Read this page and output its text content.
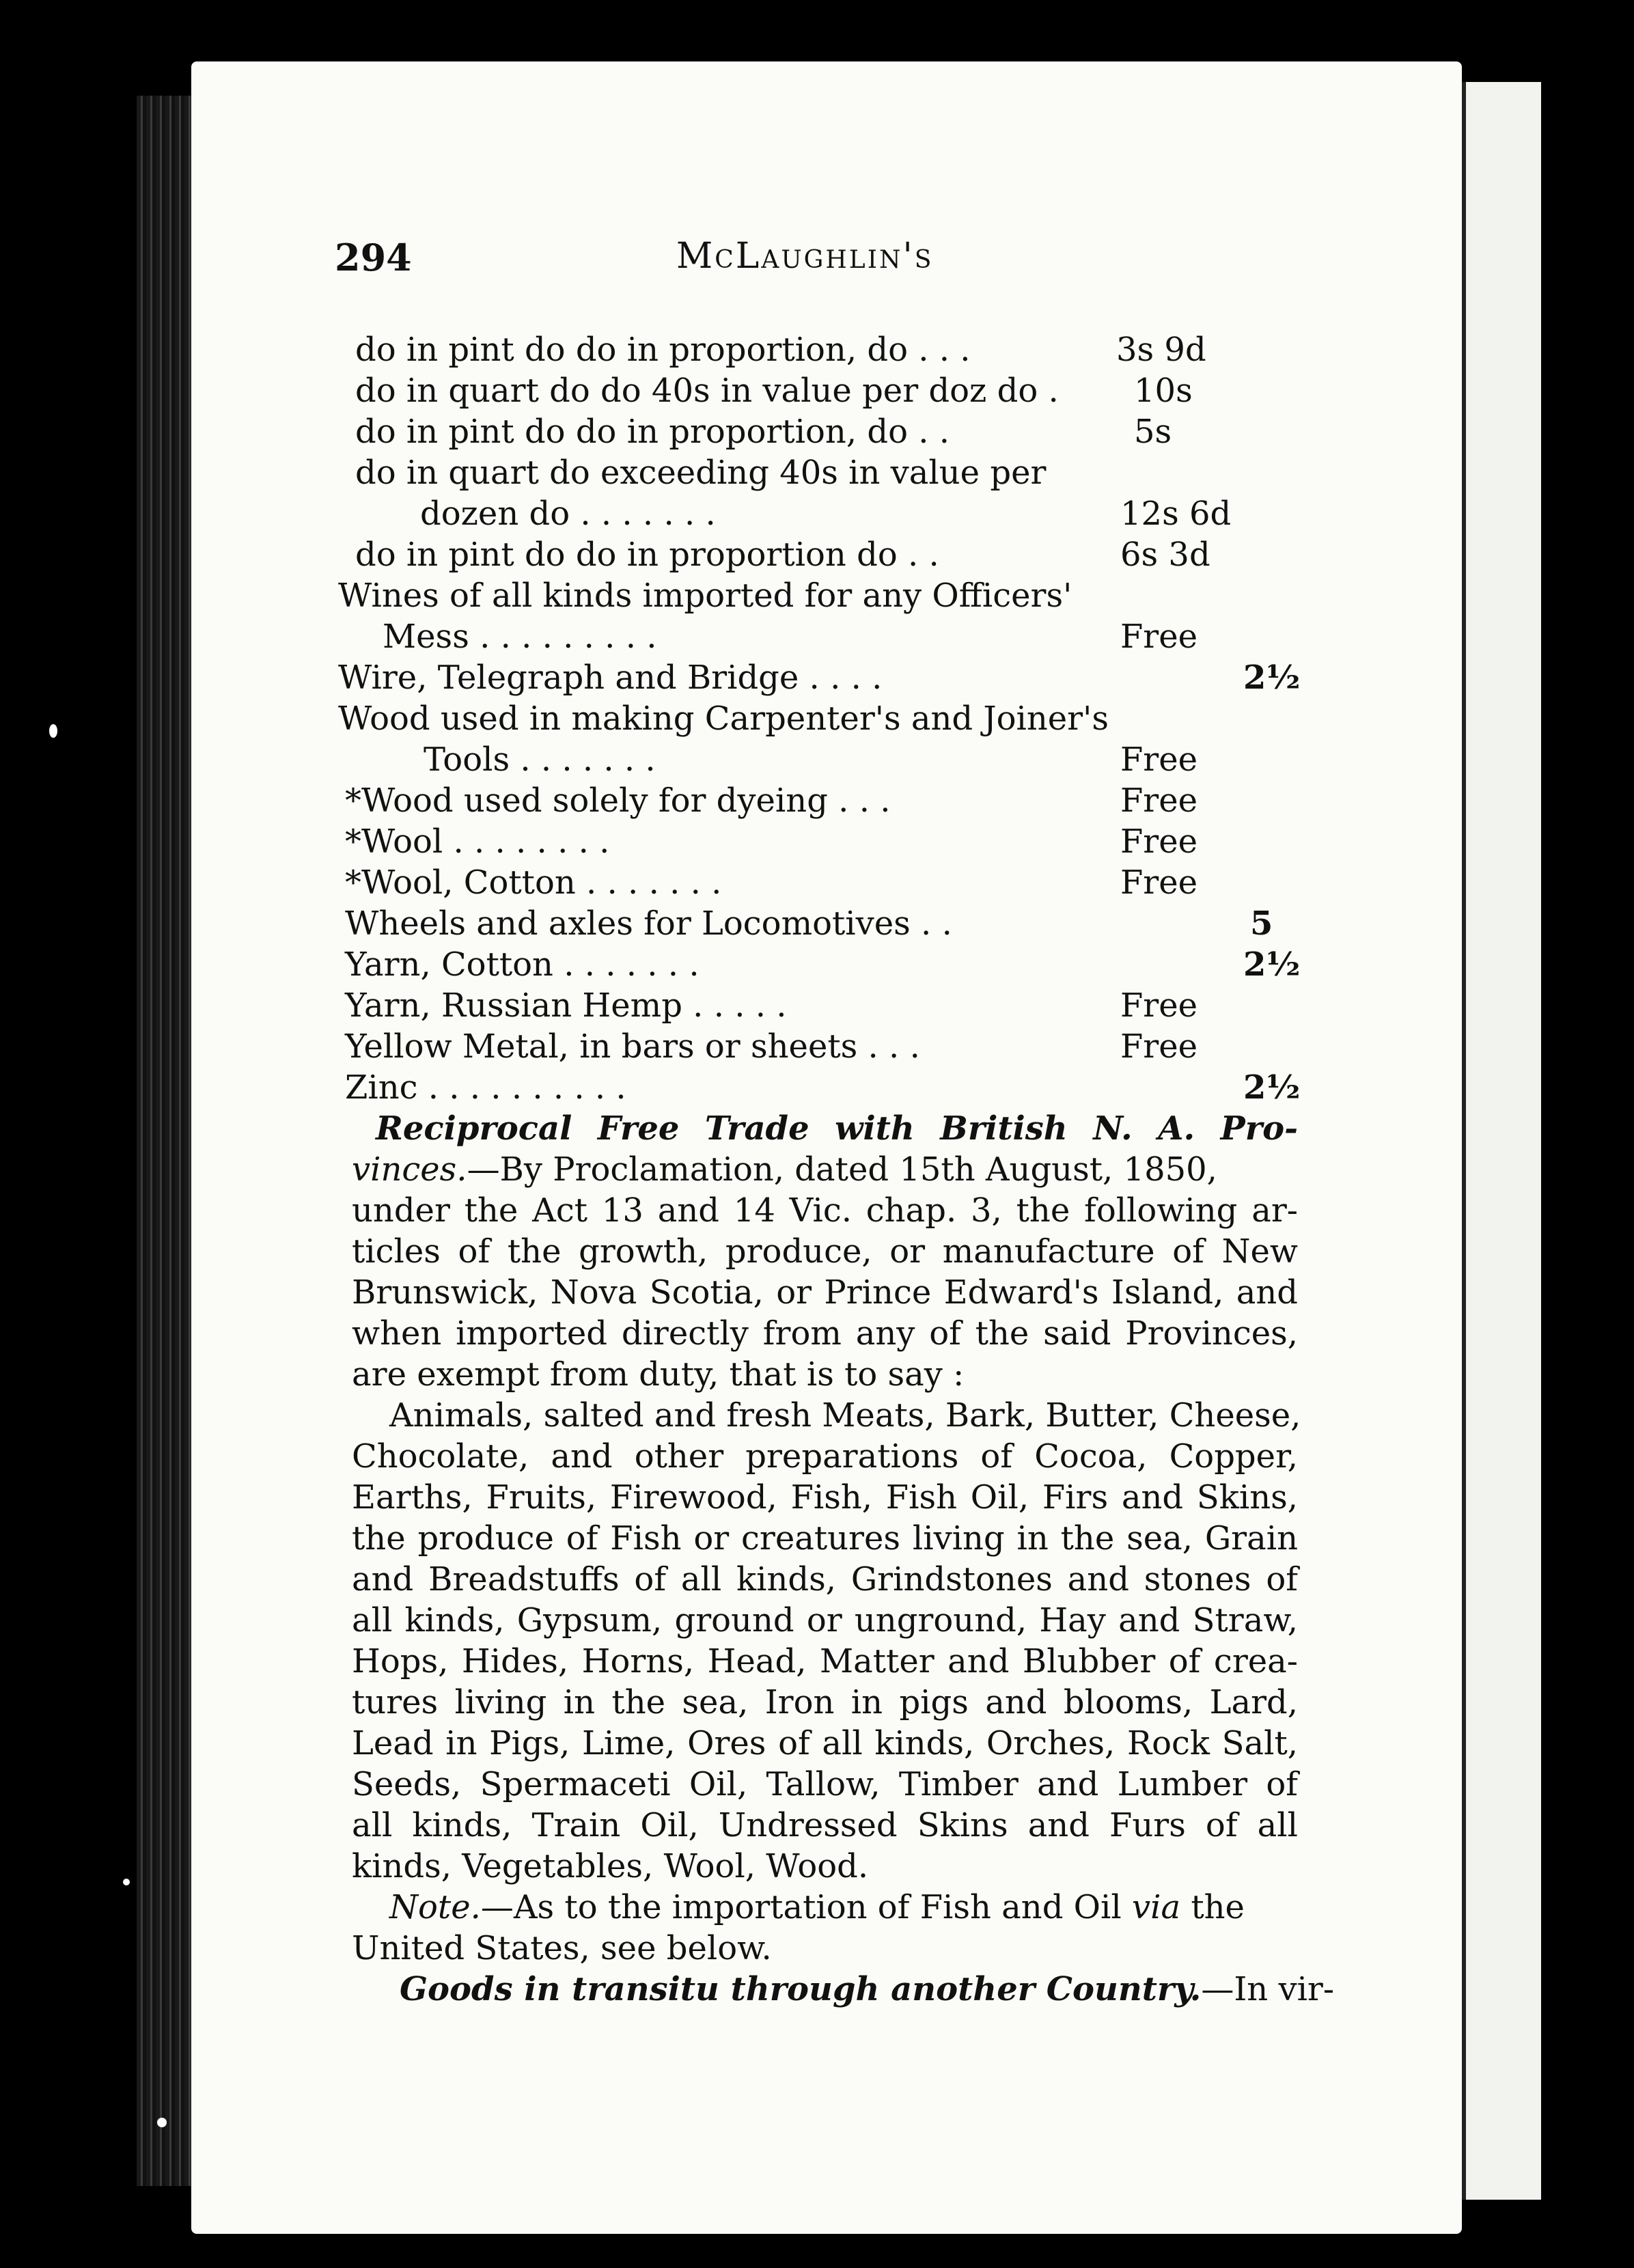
294	McLaughlin's
do in pint do do in proportion, do . . .	3s 9d
do in quart do do 40s in value per doz do . 10s
do in pint do do in proportion, do . .	5s
do in quart do exceeding 40s in value per
dozen do . . . . . . .	12s 6d
do in pint do do in proportion do . .	6s 3d
Wines of all kinds imported for any Officers'
Mess . . . . . . . . .	Free
Wire, Telegraph and Bridge . . . .	2½
Wood used in making Carpenter's and Joiner's
Tools . . . . . . .	Free
*Wood used solely for dyeing . . .	Free
*Wool . . . . . . . .	Free
*Wool, Cotton . . . . . . .	Free
Wheels and axles for Locomotives . .	5
Yarn, Cotton . . . . . . .	2½
Yarn, Russian Hemp . . . . .	Free
Yellow Metal, in bars or sheets . . .	Free
Zinc . . . . . . . . . .	2½
Reciprocal Free Trade with British N. A. Pro-
vinces.—By Proclamation, dated 15th August, 1850,
under the Act 13 and 14 Vic. chap. 3, the following ar-
ticles of the growth, produce, or manufacture of New
Brunswick, Nova Scotia, or Prince Edward's Island, and
when imported directly from any of the said Provinces,
are exempt from duty, that is to say :
Animals, salted and fresh Meats, Bark, Butter, Cheese,
Chocolate, and other preparations of Cocoa, Copper,
Earths, Fruits, Firewood, Fish, Fish Oil, Firs and Skins,
the produce of Fish or creatures living in the sea, Grain
and Breadstuffs of all kinds, Grindstones and stones of
all kinds, Gypsum, ground or unground, Hay and Straw,
Hops, Hides, Horns, Head, Matter and Blubber of crea-
tures living in the sea, Iron in pigs and blooms, Lard,
Lead in Pigs, Lime, Ores of all kinds, Orches, Rock Salt,
Seeds, Spermaceti Oil, Tallow, Timber and Lumber of
all kinds, Train Oil, Undressed Skins and Furs of all
kinds, Vegetables, Wool, Wood.
Note.—As to the importation of Fish and Oil via the
United States, see below.
Goods in transitu through another Country.—In vir-
